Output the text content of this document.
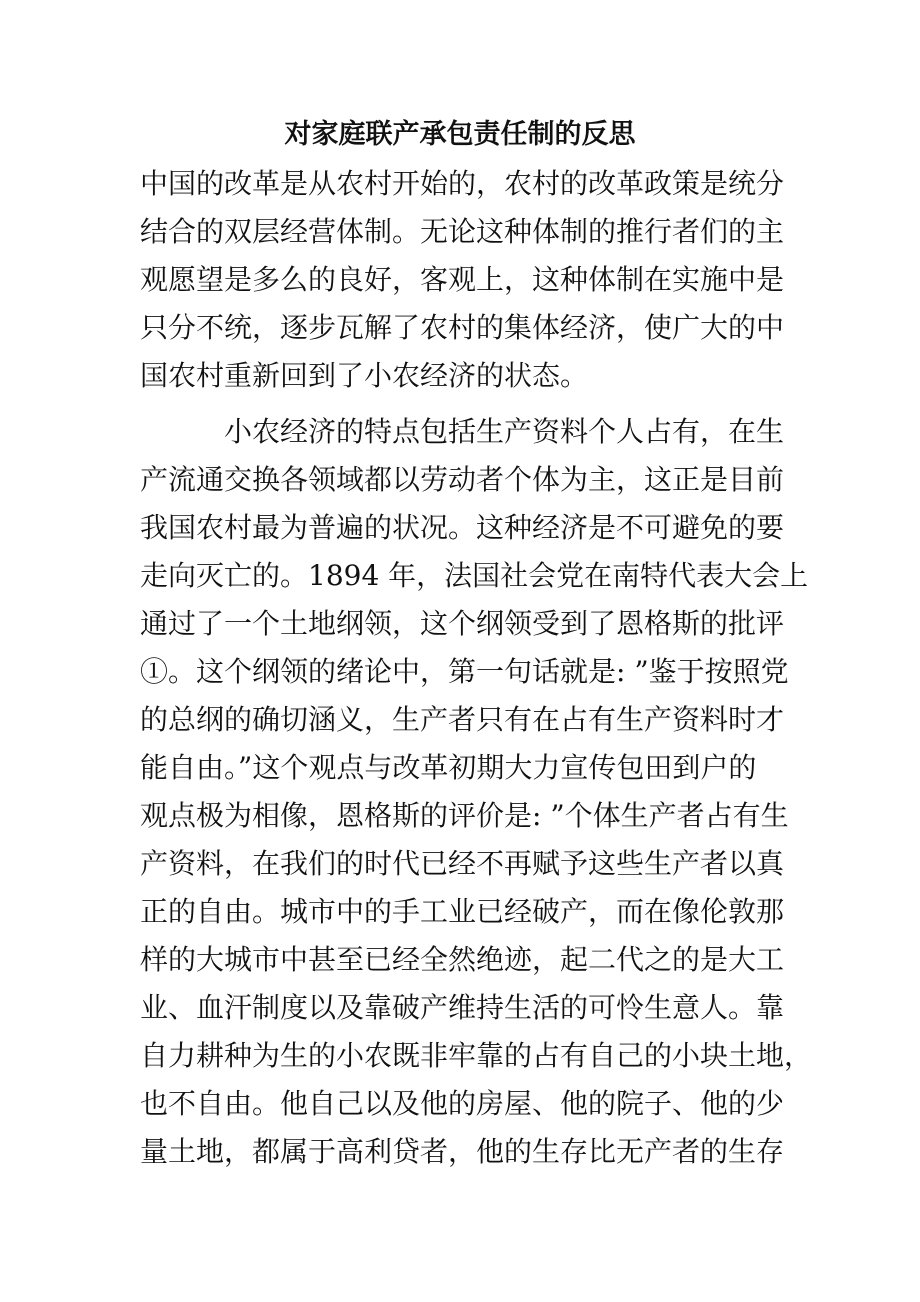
对家庭联产承包责任制的反思
中国的改革是从农村开始的，农村的改革政策是统分
结合的双层经营体制。无论这种体制的推行者们的主
观愿望是多么的良好，客观上，这种体制在实施中是
只分不统，逐步瓦解了农村的集体经济，使广大的中
国农村重新回到了小农经济的状态。
小农经济的特点包括生产资料个人占有，在生
产流通交换各领域都以劳动者个体为主，这正是目前
我国农村最为普遍的状况。这种经济是不可避免的要
走向灭亡的。1894 年，法国社会党在南特代表大会上
通过了一个土地纲领，这个纲领受到了恩格斯的批评
①。这个纲领的绪论中，第一句话就是: ”鉴于按照党
的总纲的确切涵义，生产者只有在占有生产资料时才
能自由。”这个观点与改革初期大力宣传包田到户的
观点极为相像，恩格斯的评价是: ”个体生产者占有生
产资料，在我们的时代已经不再赋予这些生产者以真
正的自由。城市中的手工业已经破产，而在像伦敦那
样的大城市中甚至已经全然绝迹，起二代之的是大工
业、血汗制度以及靠破产维持生活的可怜生意人。靠
自力耕种为生的小农既非牢靠的占有自己的小块土地，
也不自由。他自己以及他的房屋、他的院子、他的少
量土地，都属于高利贷者，他的生存比无产者的生存
